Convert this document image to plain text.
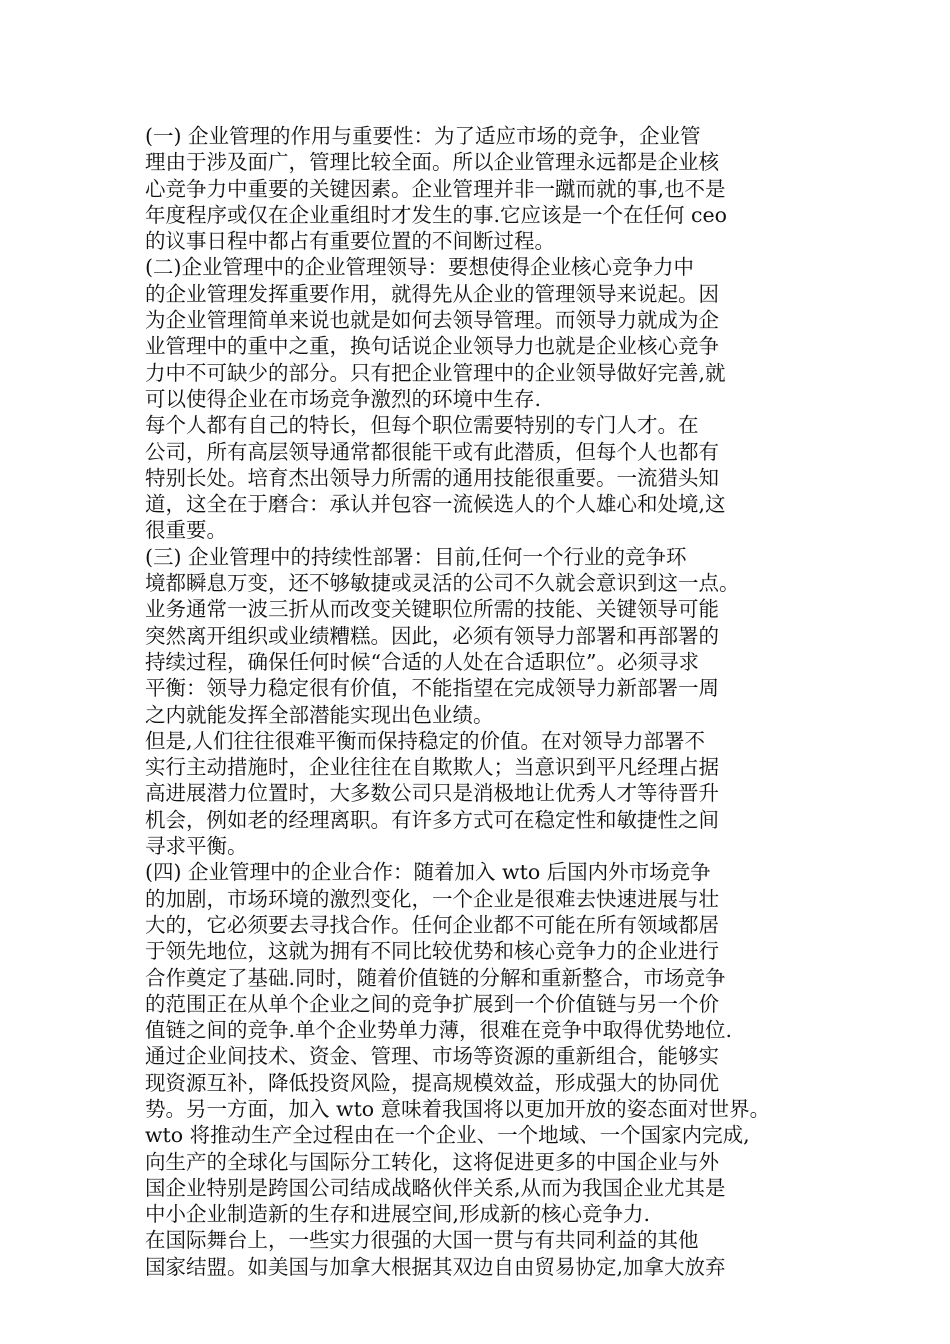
(一) 企业管理的作用与重要性：为了适应市场的竞争，企业管
理由于涉及面广，管理比较全面。所以企业管理永远都是企业核
心竞争力中重要的关键因素。企业管理并非一蹴而就的事,也不是
年度程序或仅在企业重组时才发生的事.它应该是一个在任何 ceo
的议事日程中都占有重要位置的不间断过程。
(二)企业管理中的企业管理领导：要想使得企业核心竞争力中
的企业管理发挥重要作用，就得先从企业的管理领导来说起。因
为企业管理简单来说也就是如何去领导管理。而领导力就成为企
业管理中的重中之重，换句话说企业领导力也就是企业核心竞争
力中不可缺少的部分。只有把企业管理中的企业领导做好完善,就
可以使得企业在市场竞争激烈的环境中生存.
每个人都有自己的特长，但每个职位需要特别的专门人才。在
公司，所有高层领导通常都很能干或有此潜质，但每个人也都有
特别长处。培育杰出领导力所需的通用技能很重要。一流猎头知
道，这全在于磨合：承认并包容一流候选人的个人雄心和处境,这
很重要。
(三) 企业管理中的持续性部署：目前,任何一个行业的竞争环
境都瞬息万变，还不够敏捷或灵活的公司不久就会意识到这一点。
业务通常一波三折从而改变关键职位所需的技能、关键领导可能
突然离开组织或业绩糟糕。因此，必须有领导力部署和再部署的
持续过程，确保任何时候“合适的人处在合适职位”。必须寻求
平衡：领导力稳定很有价值，不能指望在完成领导力新部署一周
之内就能发挥全部潜能实现出色业绩。
但是,人们往往很难平衡而保持稳定的价值。在对领导力部署不
实行主动措施时，企业往往在自欺欺人；当意识到平凡经理占据
高进展潜力位置时，大多数公司只是消极地让优秀人才等待晋升
机会，例如老的经理离职。有许多方式可在稳定性和敏捷性之间
寻求平衡。
(四) 企业管理中的企业合作：随着加入 wto 后国内外市场竞争
的加剧，市场环境的激烈变化，一个企业是很难去快速进展与壮
大的，它必须要去寻找合作。任何企业都不可能在所有领域都居
于领先地位，这就为拥有不同比较优势和核心竞争力的企业进行
合作奠定了基础.同时，随着价值链的分解和重新整合，市场竞争
的范围正在从单个企业之间的竞争扩展到一个价值链与另一个价
值链之间的竞争.单个企业势单力薄，很难在竞争中取得优势地位.
通过企业间技术、资金、管理、市场等资源的重新组合，能够实
现资源互补，降低投资风险，提高规模效益，形成强大的协同优
势。另一方面，加入 wto 意味着我国将以更加开放的姿态面对世界。
wto 将推动生产全过程由在一个企业、一个地域、一个国家内完成,
向生产的全球化与国际分工转化，这将促进更多的中国企业与外
国企业特别是跨国公司结成战略伙伴关系,从而为我国企业尤其是
中小企业制造新的生存和进展空间,形成新的核心竞争力.
在国际舞台上，一些实力很强的大国一贯与有共同利益的其他
国家结盟。如美国与加拿大根据其双边自由贸易协定,加拿大放弃
